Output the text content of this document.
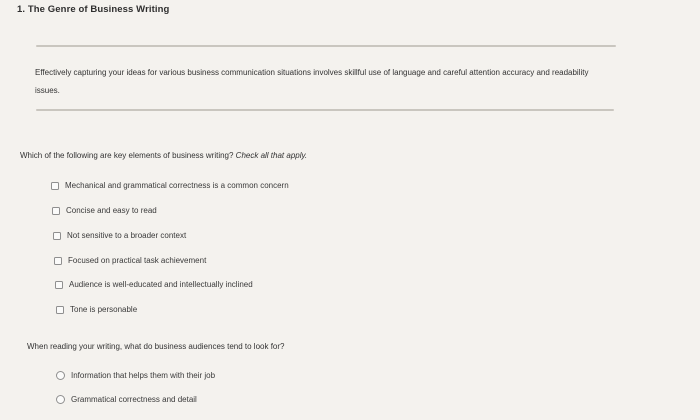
1. The Genre of Business Writing
Effectively capturing your ideas for various business communication situations involves skillful use of language and careful attention accuracy and readability issues.
Which of the following are key elements of business writing? Check all that apply.
Mechanical and grammatical correctness is a common concern
Concise and easy to read
Not sensitive to a broader context
Focused on practical task achievement
Audience is well-educated and intellectually inclined
Tone is personable
When reading your writing, what do business audiences tend to look for?
Information that helps them with their job
Grammatical correctness and detail
